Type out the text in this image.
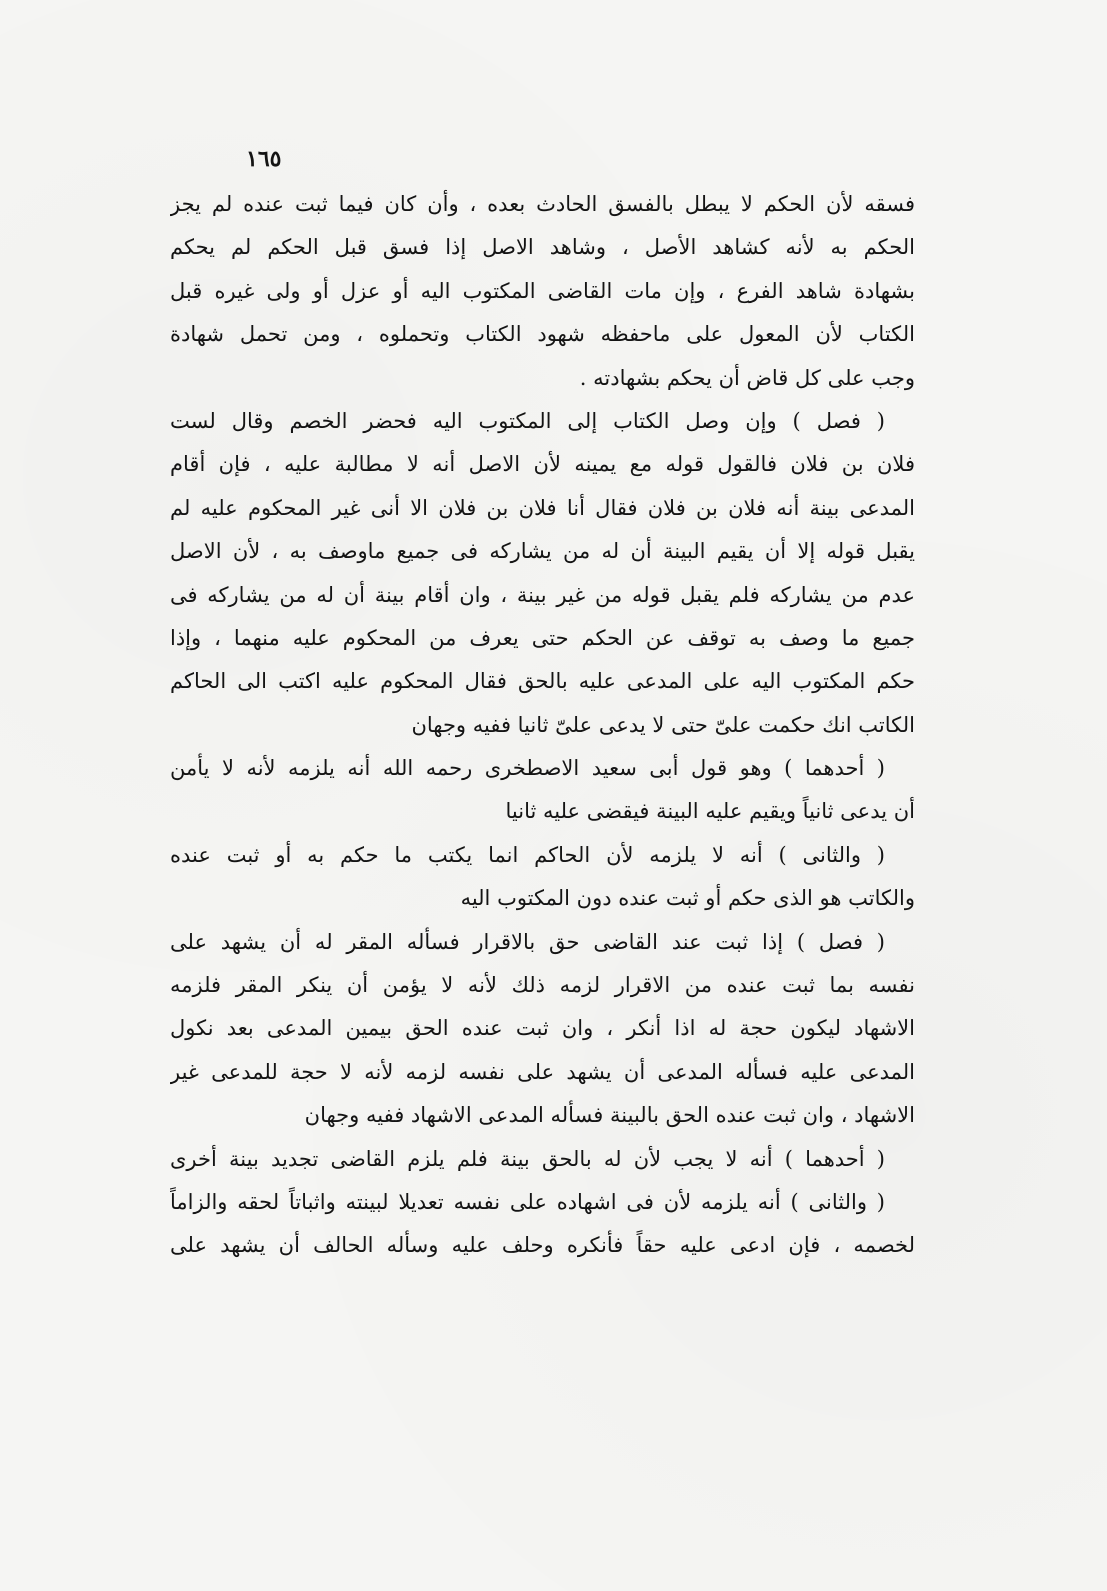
١٦٥
فسقه لأن الحكم لا يبطل بالفسق الحادث بعده ، وأن كان فيما ثبت عنده لم يجز
الحكم به لأنه كشاهد الأصل ، وشاهد الاصل إذا فسق قبل الحكم لم يحكم
بشهادة شاهد الفرع ، وإن مات القاضى المكتوب اليه أو عزل أو ولى غيره قبل
الكتاب لأن المعول على ماحفظه شهود الكتاب وتحملوه ، ومن تحمل شهادة
وجب على كل قاض أن يحكم بشهادته .
( فصل ) وإن وصل الكتاب إلى المكتوب اليه فحضر الخصم وقال لست
فلان بن فلان فالقول قوله مع يمينه لأن الاصل أنه لا مطالبة عليه ، فإن أقام
المدعى بينة أنه فلان بن فلان فقال أنا فلان بن فلان الا أنى غير المحكوم عليه لم
يقبل قوله إلا أن يقيم البينة أن له من يشاركه فى جميع ماوصف به ، لأن الاصل
عدم من يشاركه فلم يقبل قوله من غير بينة ، وان أقام بينة أن له من يشاركه فى
جميع ما وصف به توقف عن الحكم حتى يعرف من المحكوم عليه منهما ، وإذا
حكم المكتوب اليه على المدعى عليه بالحق فقال المحكوم عليه اكتب الى الحاكم
الكاتب انك حكمت علىّ حتى لا يدعى علىّ ثانيا ففيه وجهان
( أحدهما ) وهو قول أبى سعيد الاصطخرى رحمه الله أنه يلزمه لأنه لا يأمن
أن يدعى ثانياً ويقيم عليه البينة فيقضى عليه ثانيا
( والثانى ) أنه لا يلزمه لأن الحاكم انما يكتب ما حكم به أو ثبت عنده
والكاتب هو الذى حكم أو ثبت عنده دون المكتوب اليه
( فصل ) إذا ثبت عند القاضى حق بالاقرار فسأله المقر له أن يشهد على
نفسه بما ثبت عنده من الاقرار لزمه ذلك لأنه لا يؤمن أن ينكر المقر فلزمه
الاشهاد ليكون حجة له اذا أنكر ، وان ثبت عنده الحق بيمين المدعى بعد نكول
المدعى عليه فسأله المدعى أن يشهد على نفسه لزمه لأنه لا حجة للمدعى غير
الاشهاد ، وان ثبت عنده الحق بالبينة فسأله المدعى الاشهاد ففيه وجهان
( أحدهما ) أنه لا يجب لأن له بالحق بينة فلم يلزم القاضى تجديد بينة أخرى
( والثانى ) أنه يلزمه لأن فى اشهاده على نفسه تعديلا لبينته واثباتاً لحقه والزاماً
لخصمه ، فإن ادعى عليه حقاً فأنكره وحلف عليه وسأله الحالف أن يشهد على
